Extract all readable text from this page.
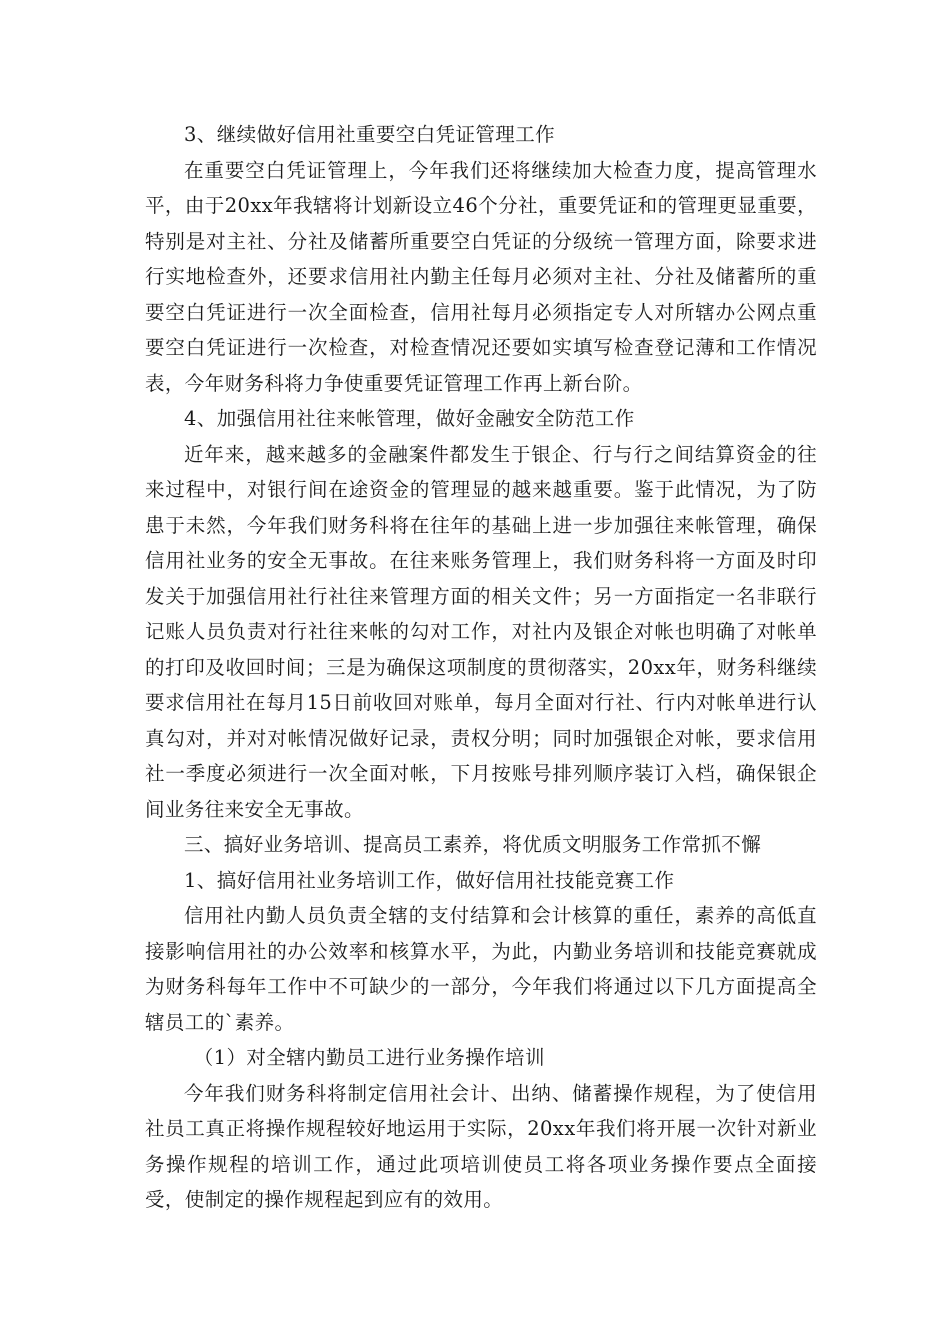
3、继续做好信用社重要空白凭证管理工作

在重要空白凭证管理上，今年我们还将继续加大检查力度，提高管理水平，由于20xx年我辖将计划新设立46个分社，重要凭证和的管理更显重要，特别是对主社、分社及储蓄所重要空白凭证的分级统一管理方面，除要求进行实地检查外，还要求信用社内勤主任每月必须对主社、分社及储蓄所的重要空白凭证进行一次全面检查，信用社每月必须指定专人对所辖办公网点重要空白凭证进行一次检查，对检查情况还要如实填写检查登记薄和工作情况表，今年财务科将力争使重要凭证管理工作再上新台阶。

4、加强信用社往来帐管理，做好金融安全防范工作

近年来，越来越多的金融案件都发生于银企、行与行之间结算资金的往来过程中，对银行间在途资金的管理显的越来越重要。鉴于此情况，为了防患于未然，今年我们财务科将在往年的基础上进一步加强往来帐管理，确保信用社业务的安全无事故。在往来账务管理上，我们财务科将一方面及时印发关于加强信用社行社往来管理方面的相关文件；另一方面指定一名非联行记账人员负责对行社往来帐的勾对工作，对社内及银企对帐也明确了对帐单的打印及收回时间；三是为确保这项制度的贯彻落实，20xx年，财务科继续要求信用社在每月15日前收回对账单，每月全面对行社、行内对帐单进行认真勾对，并对对帐情况做好记录，责权分明；同时加强银企对帐，要求信用社一季度必须进行一次全面对帐，下月按账号排列顺序装订入档，确保银企间业务往来安全无事故。

三、搞好业务培训、提高员工素养，将优质文明服务工作常抓不懈

1、搞好信用社业务培训工作，做好信用社技能竞赛工作

信用社内勤人员负责全辖的支付结算和会计核算的重任，素养的高低直接影响信用社的办公效率和核算水平，为此，内勤业务培训和技能竞赛就成为财务科每年工作中不可缺少的一部分，今年我们将通过以下几方面提高全辖员工的`素养。

（1）对全辖内勤员工进行业务操作培训

今年我们财务科将制定信用社会计、出纳、储蓄操作规程，为了使信用社员工真正将操作规程较好地运用于实际，20xx年我们将开展一次针对新业务操作规程的培训工作，通过此项培训使员工将各项业务操作要点全面接受，使制定的操作规程起到应有的效用。
